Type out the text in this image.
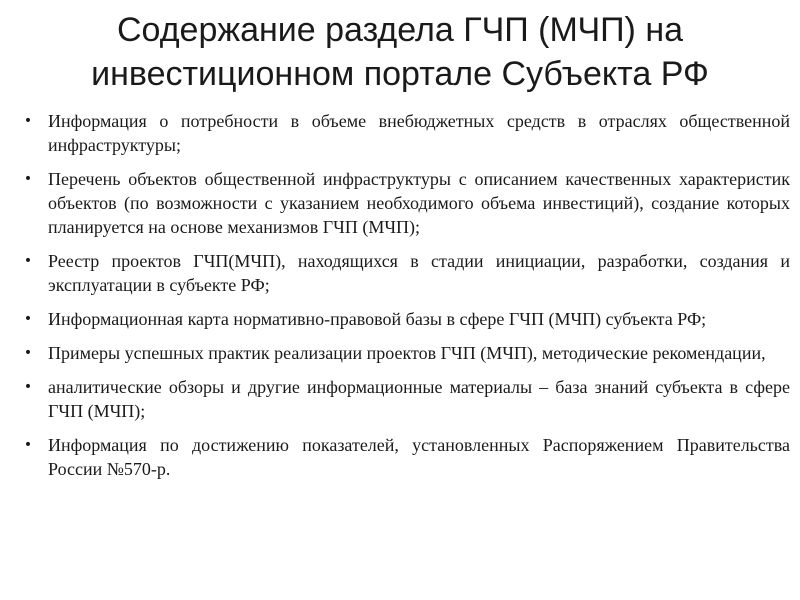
Содержание раздела ГЧП (МЧП) на
инвестиционном портале Субъекта РФ
• Информация о потребности в объеме внебюджетных средств в отраслях общественной инфраструктуры;
• Перечень объектов общественной инфраструктуры с описанием качественных характеристик объектов (по возможности с указанием необходимого объема инвестиций), создание которых планируется на основе механизмов ГЧП (МЧП);
• Реестр проектов ГЧП(МЧП), находящихся в стадии инициации, разработки, создания и эксплуатации в субъекте РФ;
• Информационная карта нормативно-правовой базы в сфере ГЧП (МЧП) субъекта РФ;
• Примеры успешных практик реализации проектов ГЧП (МЧП), методические рекомендации,
• аналитические обзоры и другие информационные материалы – база знаний субъекта в сфере ГЧП (МЧП);
• Информация по достижению показателей, установленных Распоряжением Правительства России №570-р.
